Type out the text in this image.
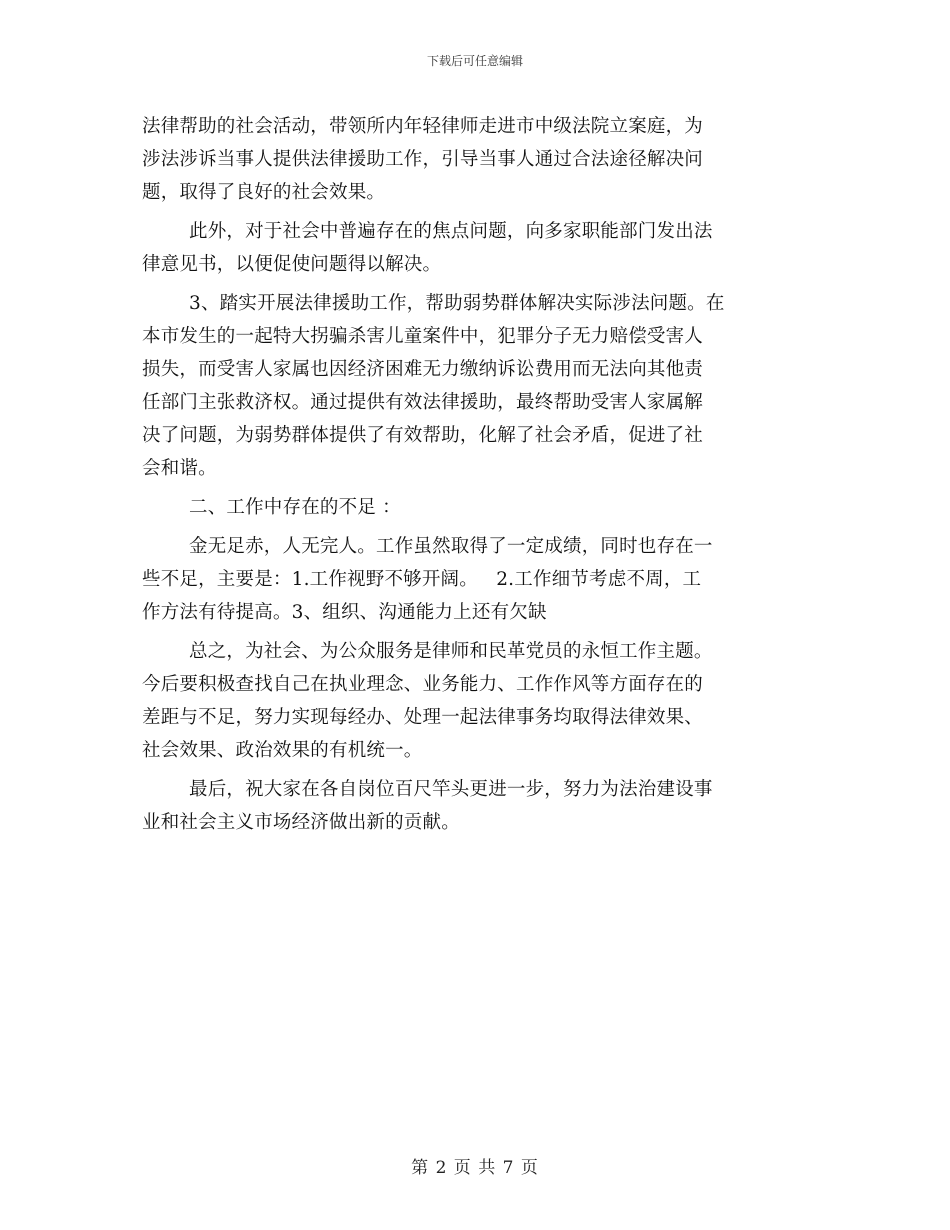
下载后可任意编辑
法律帮助的社会活动，带领所内年轻律师走进市中级法院立案庭，为
涉法涉诉当事人提供法律援助工作，引导当事人通过合法途径解决问
题，取得了良好的社会效果。
此外，对于社会中普遍存在的焦点问题，向多家职能部门发出法
律意见书，以便促使问题得以解决。
3、踏实开展法律援助工作，帮助弱势群体解决实际涉法问题。在
本市发生的一起特大拐骗杀害儿童案件中，犯罪分子无力赔偿受害人
损失，而受害人家属也因经济困难无力缴纳诉讼费用而无法向其他责
任部门主张救济权。通过提供有效法律援助，最终帮助受害人家属解
决了问题，为弱势群体提供了有效帮助，化解了社会矛盾，促进了社
会和谐。
二、工作中存在的不足 ：
金无足赤，人无完人。工作虽然取得了一定成绩，同时也存在一
些不足，主要是：1.工作视野不够开阔。   2.工作细节考虑不周，工
作方法有待提高。3、组织、沟通能力上还有欠缺
总之，为社会、为公众服务是律师和民革党员的永恒工作主题。
今后要积极查找自己在执业理念、业务能力、工作作风等方面存在的
差距与不足，努力实现每经办、处理一起法律事务均取得法律效果、
社会效果、政治效果的有机统一。
最后，祝大家在各自岗位百尺竿头更进一步，努力为法治建设事
业和社会主义市场经济做出新的贡献。
第 2 页 共 7 页
